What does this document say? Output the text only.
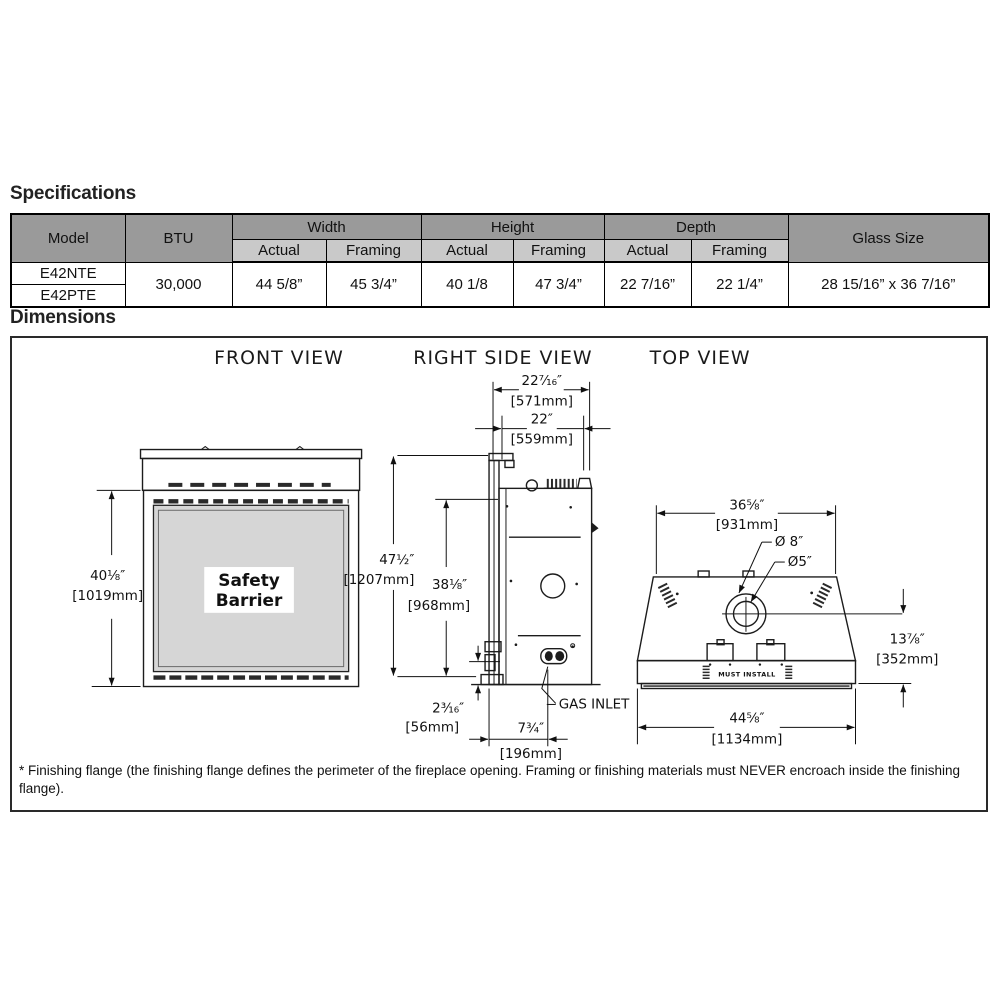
Specifications
Model	BTU	Width		Height		Depth		Glass Size
		Actual	Framing	Actual	Framing	Actual	Framing	
E42NTE	30,000	44 5/8”	45 3/4”	40 1/8	47 3/4”	22 7/16”	22 1/4”	28 15/16” x 36 7/16”
E42PTE								
Dimensions
FRONT VIEW	RIGHT SIDE VIEW	TOP VIEW
Safety
Barrier
40⅛″
[1019mm]
22⁷⁄₁₆″
[571mm]
22″
[559mm]
47½″
[1207mm] 38⅛″
[968mm]
2³⁄₁₆″
[56mm]
GAS INLET
7¾″
[196mm]
MUST INSTALL
36⅝″
[931mm]
Ø 8″
Ø5″
13⅞″
[352mm]
44⅝″
[1134mm]
* Finishing flange (the finishing flange defines the perimeter of the fireplace opening. Framing or finishing materials must NEVER encroach inside the finishing flange).
